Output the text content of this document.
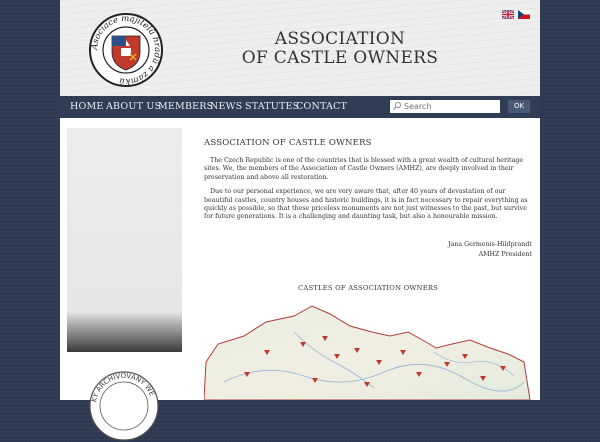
Asociace majitelů hradů a zámků
ASSOCIATION
OF CASTLE OWNERS
HOME ABOUT US
MEMBERS
NEWS STATUTES
CONTACT
Search	OK
KY ARCHIVOVANÝ WE
ASSOCIATION OF CASTLE OWNERS

The Czech Republic is one of the countries that is blessed with a great wealth of cultural heritage sites. We, the members of the Association of Castle Owners (AMHZ), are deeply involved in their preservation and above all restoration.

Due to our personal experience, we are very aware that, after 40 years of devastation of our beautiful castles, country houses and historic buildings, it is in fact necessary to repair everything as quickly as possible, so that these priceless monuments are not just witnesses to the past, but survive for future generations. It is a challenging and daunting task, but also a honourable mission.

Jana Germenis-Hildprandt
AMHZ President
CASTLES OF ASSOCIATION OWNERS
